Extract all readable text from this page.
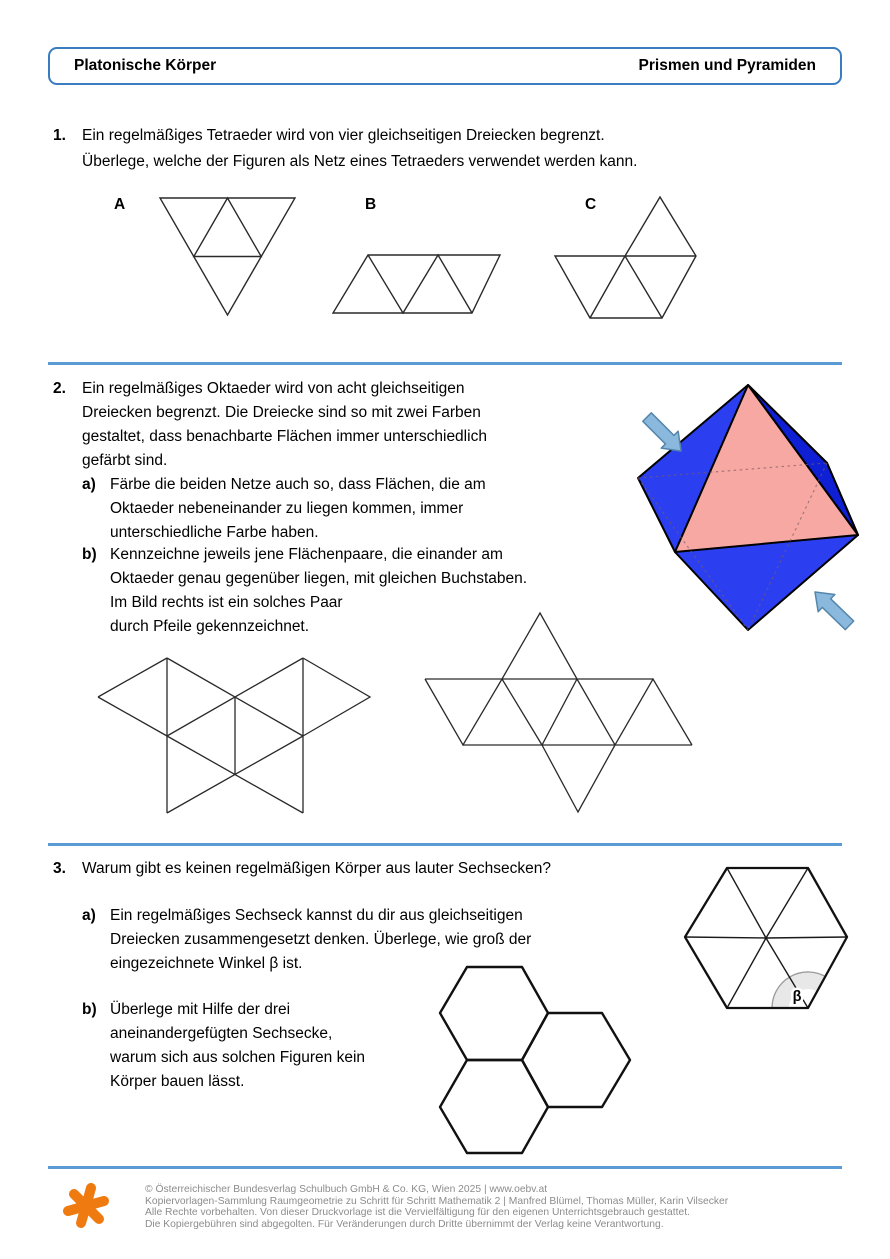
Platonische Körper	Prismen und Pyramiden
1. Ein regelmäßiges Tetraeder wird von vier gleichseitigen Dreiecken begrenzt.
Überlege, welche der Figuren als Netz eines Tetraeders verwendet werden kann.
A	B	C
2. Ein regelmäßiges Oktaeder wird von acht gleichseitigen
Dreiecken begrenzt. Die Dreiecke sind so mit zwei Farben
gestaltet, dass benachbarte Flächen immer unterschiedlich
gefärbt sind.
a) Färbe die beiden Netze auch so, dass Flächen, die am
Oktaeder nebeneinander zu liegen kommen, immer
unterschiedliche Farbe haben.
b) Kennzeichne jeweils jene Flächenpaare, die einander am
Oktaeder genau gegenüber liegen, mit gleichen Buchstaben.
Im Bild rechts ist ein solches Paar
durch Pfeile gekennzeichnet.
3. Warum gibt es keinen regelmäßigen Körper aus lauter Sechsecken?
a) Ein regelmäßiges Sechseck kannst du dir aus gleichseitigen
Dreiecken zusammengesetzt denken. Überlege, wie groß der
eingezeichnete Winkel β ist.
b) Überlege mit Hilfe der drei
aneinandergefügten Sechsecke,
warum sich aus solchen Figuren kein
Körper bauen lässt.
© Österreichischer Bundesverlag Schulbuch GmbH & Co. KG, Wien 2025 | www.oebv.at
Kopiervorlagen-Sammlung Raumgeometrie zu Schritt für Schritt Mathematik 2 | Manfred Blümel, Thomas Müller, Karin Vilsecker
Alle Rechte vorbehalten. Von dieser Druckvorlage ist die Vervielfältigung für den eigenen Unterrichtsgebrauch gestattet.
Die Kopiergebühren sind abgegolten. Für Veränderungen durch Dritte übernimmt der Verlag keine Verantwortung.
β
